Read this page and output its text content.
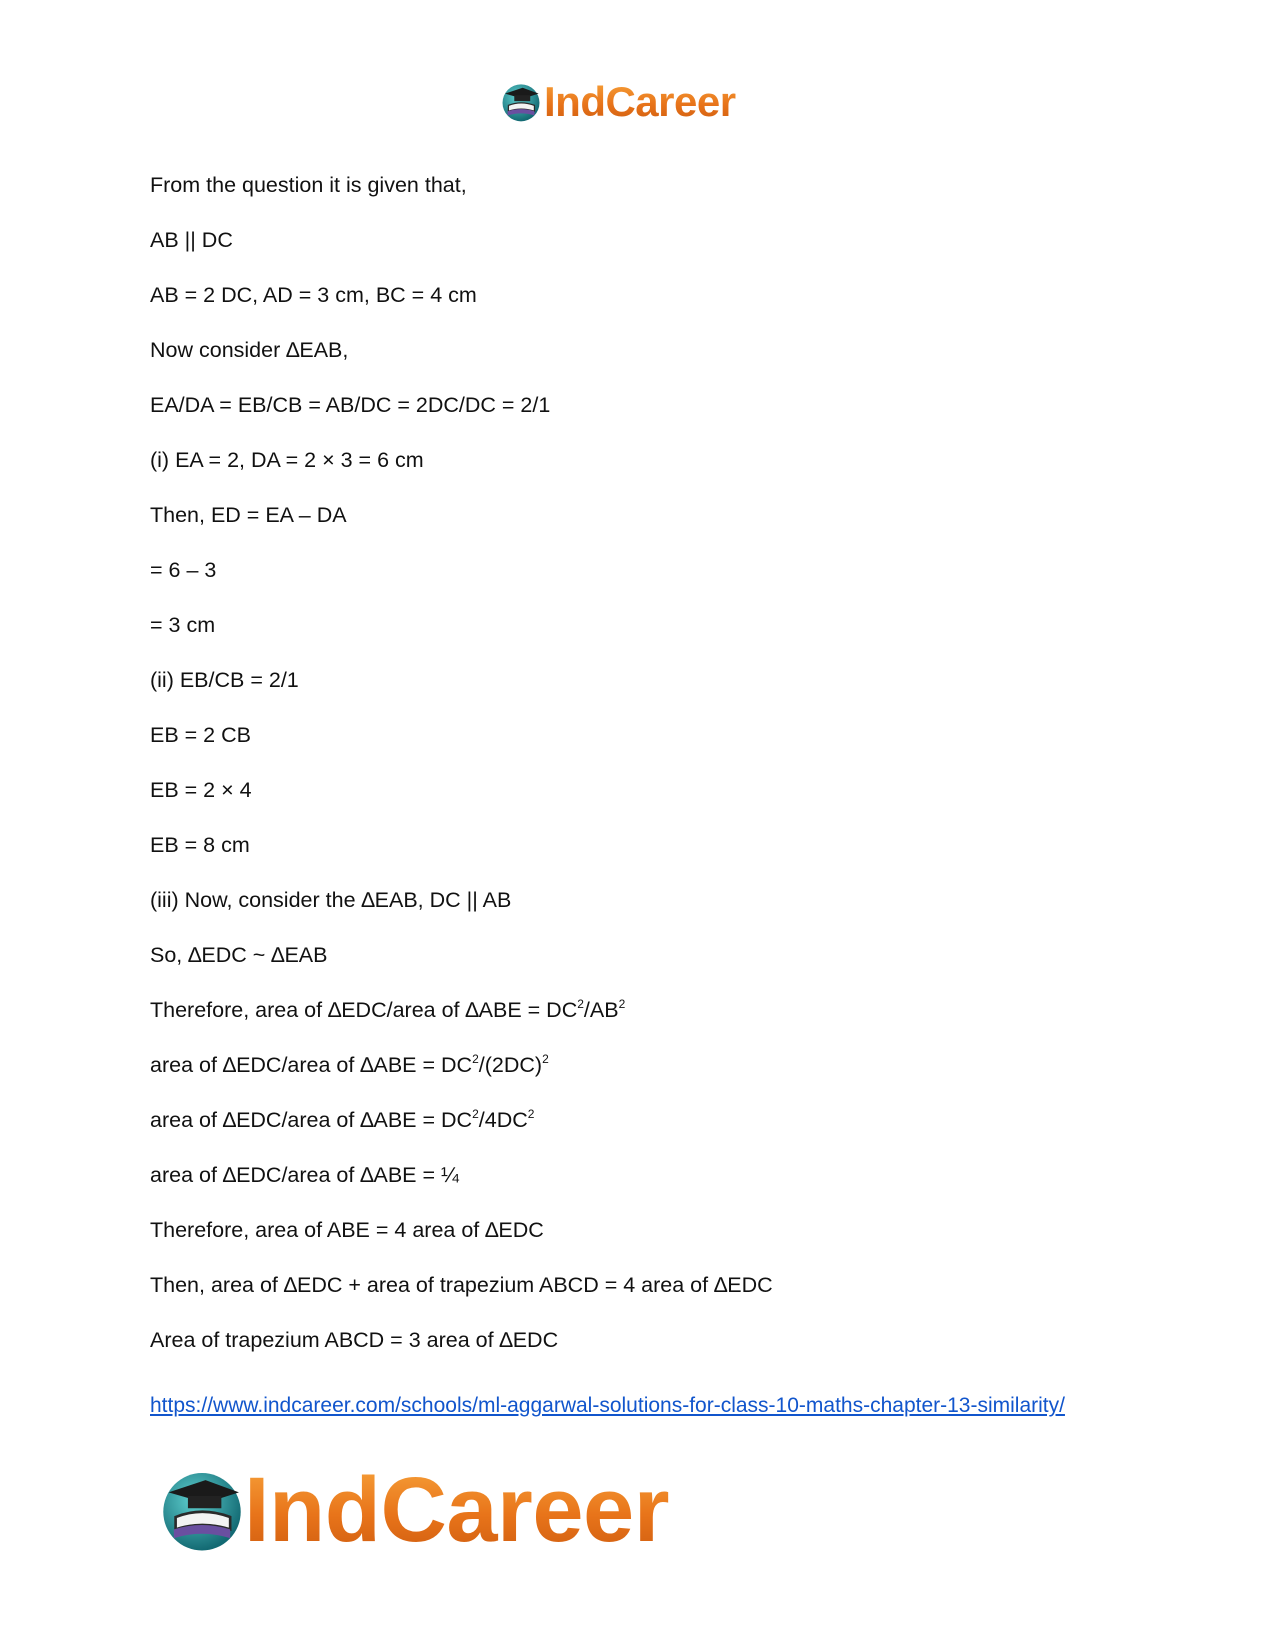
IndCareer
From the question it is given that,
AB || DC
AB = 2 DC, AD = 3 cm, BC = 4 cm
Now consider ∆EAB,
EA/DA = EB/CB = AB/DC = 2DC/DC = 2/1
(i) EA = 2, DA = 2 × 3 = 6 cm
Then, ED = EA – DA
= 6 – 3
= 3 cm
(ii) EB/CB = 2/1
EB = 2 CB
EB = 2 × 4
EB = 8 cm
(iii) Now, consider the ∆EAB, DC || AB
So, ∆EDC ~ ∆EAB
Therefore, area of ∆EDC/area of $\Delta ABE = DC^2/AB^2$
area of ∆EDC/area of $\Delta ABE = DC^2/(2DC)^2$
area of ∆EDC/area of $\Delta ABE = DC^2/4DC^2$
area of ∆EDC/area of ∆ABE = ¼
Therefore, area of ABE = 4 area of ∆EDC
Then, area of ∆EDC + area of trapezium ABCD = 4 area of ∆EDC
Area of trapezium ABCD = 3 area of ∆EDC
https://www.indcareer.com/schools/ml-aggarwal-solutions-for-class-10-maths-chapter-13-similarity/
IndCareer
